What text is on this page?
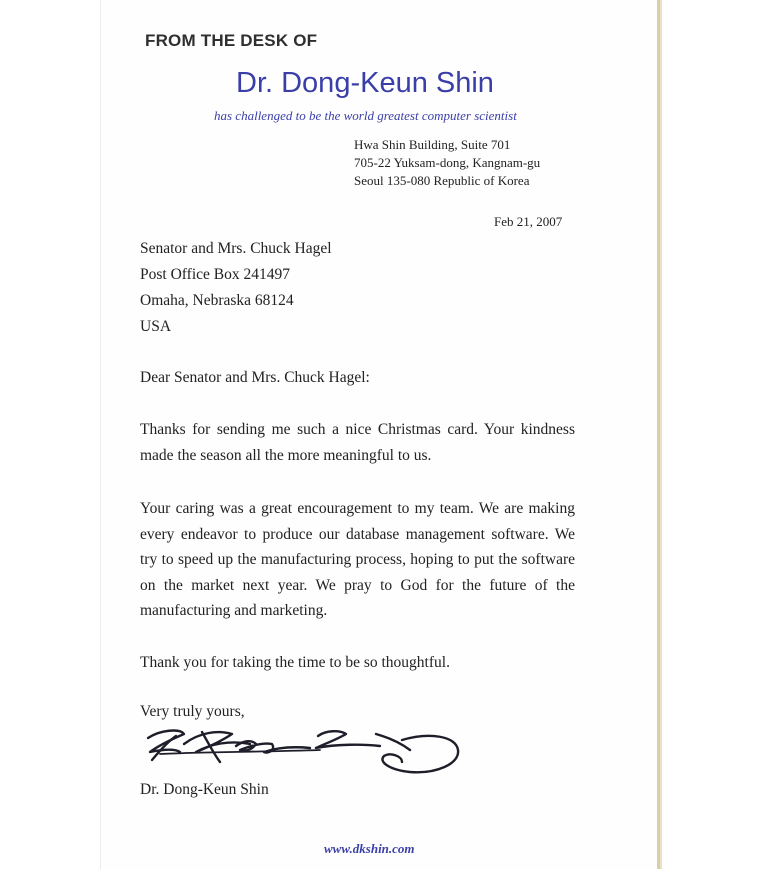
FROM THE DESK OF
Dr. Dong-Keun Shin
has challenged to be the world greatest computer scientist
Hwa Shin Building, Suite 701
705-22 Yuksam-dong, Kangnam-gu
Seoul 135-080 Republic of Korea
Feb 21, 2007
Senator and Mrs. Chuck Hagel
Post Office Box 241497
Omaha, Nebraska 68124
USA
Dear Senator and Mrs. Chuck Hagel:
Thanks for sending me such a nice Christmas card. Your kindness made the season all the more meaningful to us.
Your caring was a great encouragement to my team. We are making every endeavor to produce our database management software. We try to speed up the manufacturing process, hoping to put the software on the market next year. We pray to God for the future of the manufacturing and marketing.
Thank you for taking the time to be so thoughtful.
Very truly yours,
Dr. Dong-Keun Shin
www.dkshin.com
